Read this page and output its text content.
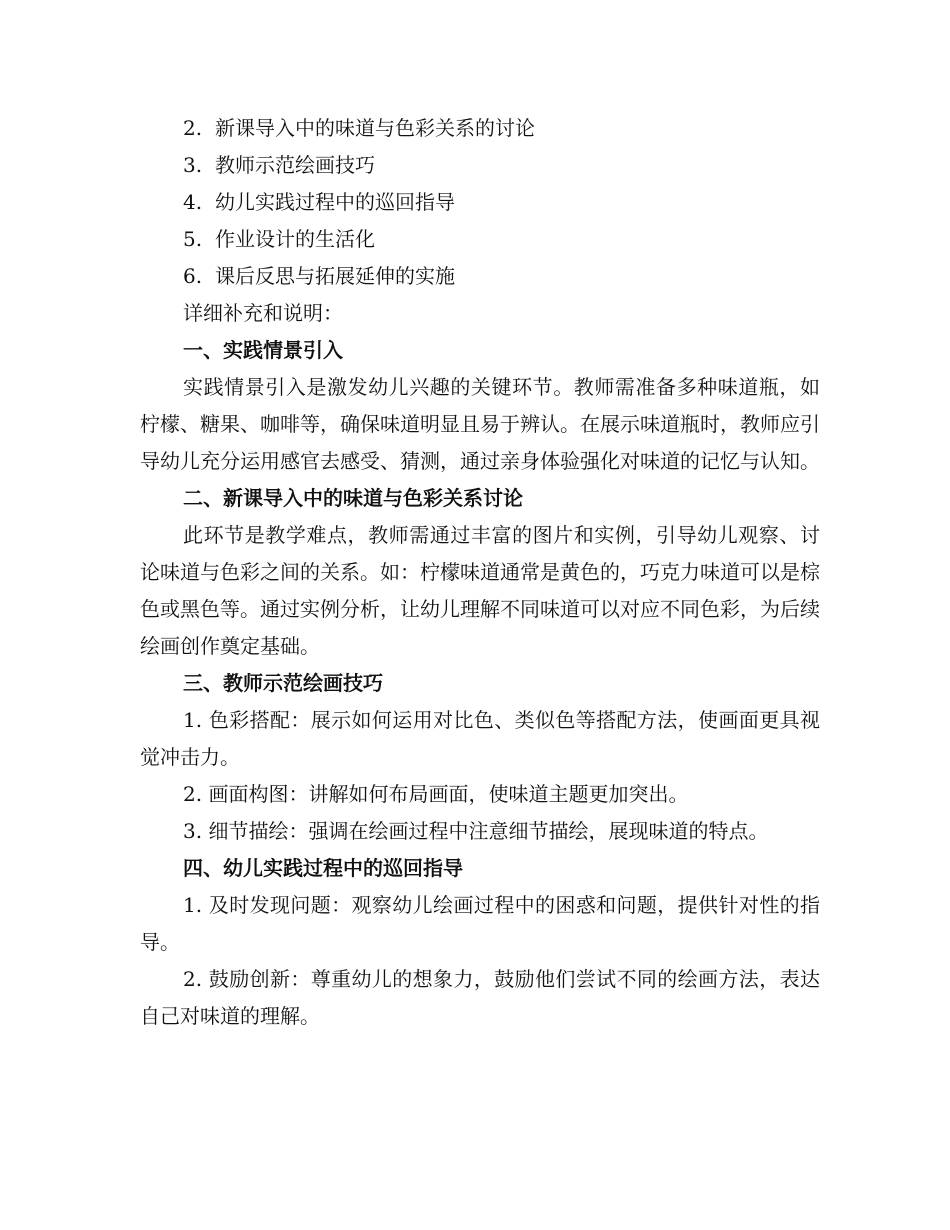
2. 新课导入中的味道与色彩关系的讨论

3. 教师示范绘画技巧

4. 幼儿实践过程中的巡回指导

5. 作业设计的生活化

6. 课后反思与拓展延伸的实施

详细补充和说明：

一、实践情景引入

实践情景引入是激发幼儿兴趣的关键环节。教师需准备多种味道瓶，如柠檬、糖果、咖啡等，确保味道明显且易于辨认。在展示味道瓶时，教师应引导幼儿充分运用感官去感受、猜测，通过亲身体验强化对味道的记忆与认知。

二、新课导入中的味道与色彩关系讨论

此环节是教学难点，教师需通过丰富的图片和实例，引导幼儿观察、讨论味道与色彩之间的关系。如：柠檬味道通常是黄色的，巧克力味道可以是棕色或黑色等。通过实例分析，让幼儿理解不同味道可以对应不同色彩，为后续绘画创作奠定基础。

三、教师示范绘画技巧

1. 色彩搭配：展示如何运用对比色、类似色等搭配方法，使画面更具视觉冲击力。

2. 画面构图：讲解如何布局画面，使味道主题更加突出。

3. 细节描绘：强调在绘画过程中注意细节描绘，展现味道的特点。

四、幼儿实践过程中的巡回指导

1. 及时发现问题：观察幼儿绘画过程中的困惑和问题，提供针对性的指导。

2. 鼓励创新：尊重幼儿的想象力，鼓励他们尝试不同的绘画方法，表达自己对味道的理解。
